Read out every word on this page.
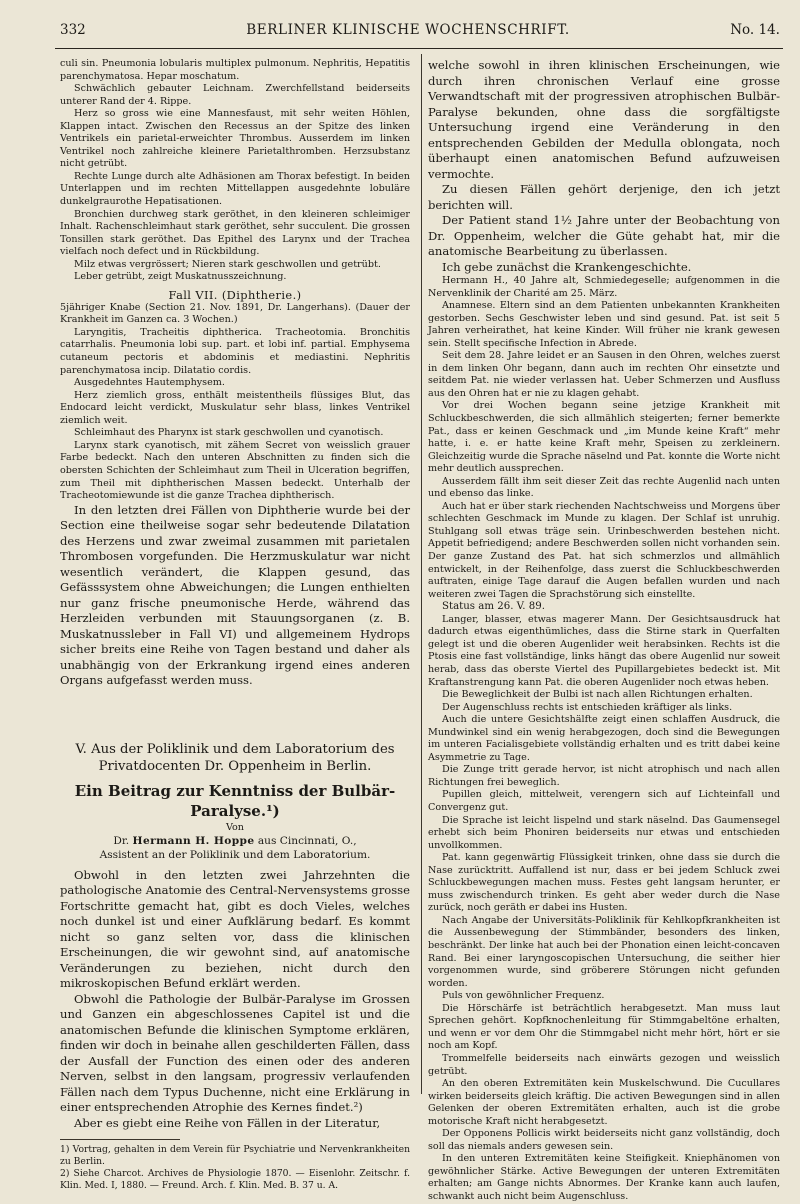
332	BERLINER KLINISCHE WOCHENSCHRIFT.	No. 14.

culi sin. Pneumonia lobularis multiplex pulmonum. Nephritis, Hepatitis parenchymatosa. Hepar moschatum.

Schwächlich gebauter Leichnam. Zwerchfellstand beiderseits unterer Rand der 4. Rippe.

Herz so gross wie eine Mannesfaust, mit sehr weiten Höhlen, Klappen intact. Zwischen den Recessus an der Spitze des linken Ventrikels ein parietal-erweichter Thrombus. Ausserdem im linken Ventrikel noch zahlreiche kleinere Parietalthromben. Herzsubstanz nicht getrübt.

Rechte Lunge durch alte Adhäsionen am Thorax befestigt. In beiden Unterlappen und im rechten Mittellappen ausgedehnte lobuläre dunkelgraurothe Hepatisationen.

Bronchien durchweg stark geröthet, in den kleineren schleimiger Inhalt. Rachenschleimhaut stark geröthet, sehr succulent. Die grossen Tonsillen stark geröthet. Das Epithel des Larynx und der Trachea vielfach noch defect und in Rückbildung.

Milz etwas vergrössert; Nieren stark geschwollen und getrübt.

Leber getrübt, zeigt Muskatnusszeichnung.

Fall VII. (Diphtherie.)

5jähriger Knabe (Section 21. Nov. 1891, Dr. Langerhans). (Dauer der Krankheit im Ganzen ca. 3 Wochen.)

Laryngitis, Tracheitis diphtherica. Tracheotomia. Bronchitis catarrhalis. Pneumonia lobi sup. part. et lobi inf. partial. Emphysema cutaneum pectoris et abdominis et mediastini. Nephritis parenchymatosa incip. Dilatatio cordis.

Ausgedehntes Hautemphysem.

Herz ziemlich gross, enthält meistentheils flüssiges Blut, das Endocard leicht verdickt, Muskulatur sehr blass, linkes Ventrikel ziemlich weit.

Schleimhaut des Pharynx ist stark geschwollen und cyanotisch.

Larynx stark cyanotisch, mit zähem Secret von weisslich grauer Farbe bedeckt. Nach den unteren Abschnitten zu finden sich die obersten Schichten der Schleimhaut zum Theil in Ulceration begriffen, zum Theil mit diphtherischen Massen bedeckt. Unterhalb der Tracheotomiewunde ist die ganze Trachea diphtherisch.

In den letzten drei Fällen von Diphtherie wurde bei der Section eine theilweise sogar sehr bedeutende Dilatation des Herzens und zwar zweimal zusammen mit parietalen Thrombosen vorgefunden. Die Herzmuskulatur war nicht wesentlich verändert, die Klappen gesund, das Gefässsystem ohne Abweichungen; die Lungen enthielten nur ganz frische pneumonische Herde, während das Herzleiden verbunden mit Stauungsorganen (z. B. Muskatnussleber in Fall VI) und allgemeinem Hydrops sicher breits eine Reihe von Tagen bestand und daher als unabhängig von der Erkrankung irgend eines anderen Organs aufgefasst werden muss.

V. Aus der Poliklinik und dem Laboratorium des Privatdocenten Dr. Oppenheim in Berlin.

Ein Beitrag zur Kenntniss der Bulbär-Paralyse.¹)

Von

Dr. Hermann H. Hoppe aus Cincinnati, O.,

Assistent an der Poliklinik und dem Laboratorium.

Obwohl in den letzten zwei Jahrzehnten die pathologische Anatomie des Central-Nervensystems grosse Fortschritte gemacht hat, gibt es doch Vieles, welches noch dunkel ist und einer Aufklärung bedarf. Es kommt nicht so ganz selten vor, dass die klinischen Erscheinungen, die wir gewohnt sind, auf anatomische Veränderungen zu beziehen, nicht durch den mikroskopischen Befund erklärt werden.

Obwohl die Pathologie der Bulbär-Paralyse im Grossen und Ganzen ein abgeschlossenes Capitel ist und die anatomischen Befunde die klinischen Symptome erklären, finden wir doch in beinahe allen geschilderten Fällen, dass der Ausfall der Function des einen oder des anderen Nerven, selbst in den langsam, progressiv verlaufenden Fällen nach dem Typus Duchenne, nicht eine Erklärung in einer entsprechenden Atrophie des Kernes findet.²)

Aber es giebt eine Reihe von Fällen in der Literatur,

1) Vortrag, gehalten in dem Verein für Psychiatrie und Nervenkrankheiten zu Berlin.

2) Siehe Charcot. Archives de Physiologie 1870. — Eisenlohr. Zeitschr. f. Klin. Med. I, 1880. — Freund. Arch. f. Klin. Med. B. 37 u. A.

welche sowohl in ihren klinischen Erscheinungen, wie durch ihren chronischen Verlauf eine grosse Verwandtschaft mit der progressiven atrophischen Bulbär-Paralyse bekunden, ohne dass die sorgfältigste Untersuchung irgend eine Veränderung in den entsprechenden Gebilden der Medulla oblongata, noch überhaupt einen anatomischen Befund aufzuweisen vermochte.

Zu diesen Fällen gehört derjenige, den ich jetzt berichten will.

Der Patient stand 1½ Jahre unter der Beobachtung von Dr. Oppenheim, welcher die Güte gehabt hat, mir die anatomische Bearbeitung zu überlassen.

Ich gebe zunächst die Krankengeschichte.

Hermann H., 40 Jahre alt, Schmiedegeselle; aufgenommen in die Nervenklinik der Charité am 25. März.

Anamnese. Eltern sind an dem Patienten unbekannten Krankheiten gestorben. Sechs Geschwister leben und sind gesund. Pat. ist seit 5 Jahren verheirathet, hat keine Kinder. Will früher nie krank gewesen sein. Stellt specifische Infection in Abrede.

Seit dem 28. Jahre leidet er an Sausen in den Ohren, welches zuerst in dem linken Ohr begann, dann auch im rechten Ohr einsetzte und seitdem Pat. nie wieder verlassen hat. Ueber Schmerzen und Ausfluss aus den Ohren hat er nie zu klagen gehabt.

Vor drei Wochen begann seine jetzige Krankheit mit Schluckbeschwerden, die sich allmählich steigerten; ferner bemerkte Pat., dass er keinen Geschmack und „im Munde keine Kraft“ mehr hatte, i. e. er hatte keine Kraft mehr, Speisen zu zerkleinern. Gleichzeitig wurde die Sprache näselnd und Pat. konnte die Worte nicht mehr deutlich aussprechen.

Ausserdem fällt ihm seit dieser Zeit das rechte Augenlid nach unten und ebenso das linke.

Auch hat er über stark riechenden Nachtschweiss und Morgens über schlechten Geschmack im Munde zu klagen. Der Schlaf ist unruhig. Stuhlgang soll etwas träge sein. Urinbeschwerden bestehen nicht. Appetit befriedigend; andere Beschwerden sollen nicht vorhanden sein. Der ganze Zustand des Pat. hat sich schmerzlos und allmählich entwickelt, in der Reihenfolge, dass zuerst die Schluckbeschwerden auftraten, einige Tage darauf die Augen befallen wurden und nach weiteren zwei Tagen die Sprachstörung sich einstellte.

Status am 26. V. 89.

Langer, blasser, etwas magerer Mann. Der Gesichtsausdruck hat dadurch etwas eigenthümliches, dass die Stirne stark in Querfalten gelegt ist und die oberen Augenlider weit herabsinken. Rechts ist die Ptosis eine fast vollständige, links hängt das obere Augenlid nur soweit herab, dass das oberste Viertel des Pupillargebietes bedeckt ist. Mit Kraftanstrengung kann Pat. die oberen Augenlider noch etwas heben.

Die Beweglichkeit der Bulbi ist nach allen Richtungen erhalten.

Der Augenschluss rechts ist entschieden kräftiger als links.

Auch die untere Gesichtshälfte zeigt einen schlaffen Ausdruck, die Mundwinkel sind ein wenig herabgezogen, doch sind die Bewegungen im unteren Facialisgebiete vollständig erhalten und es tritt dabei keine Asymmetrie zu Tage.

Die Zunge tritt gerade hervor, ist nicht atrophisch und nach allen Richtungen frei beweglich.

Pupillen gleich, mittelweit, verengern sich auf Lichteinfall und Convergenz gut.

Die Sprache ist leicht lispelnd und stark näselnd. Das Gaumensegel erhebt sich beim Phoniren beiderseits nur etwas und entschieden unvollkommen.

Pat. kann gegenwärtig Flüssigkeit trinken, ohne dass sie durch die Nase zurücktritt. Auffallend ist nur, dass er bei jedem Schluck zwei Schluckbewegungen machen muss. Festes geht langsam herunter, er muss zwischendurch trinken. Es geht aber weder durch die Nase zurück, noch geräth er dabei ins Husten.

Nach Angabe der Universitäts-Poliklinik für Kehlkopfkrankheiten ist die Aussenbewegung der Stimmbänder, besonders des linken, beschränkt. Der linke hat auch bei der Phonation einen leicht-concaven Rand. Bei einer laryngoscopischen Untersuchung, die seither hier vorgenommen wurde, sind gröberere Störungen nicht gefunden worden.

Puls von gewöhnlicher Frequenz.

Die Hörschärfe ist beträchtlich herabgesetzt. Man muss laut Sprechen gehört. Kopfknochenleitung für Stimmgabeltöne erhalten, und wenn er vor dem Ohr die Stimmgabel nicht mehr hört, hört er sie noch am Kopf.

Trommelfelle beiderseits nach einwärts gezogen und weisslich getrübt.

An den oberen Extremitäten kein Muskelschwund. Die Cucullares wirken beiderseits gleich kräftig. Die activen Bewegungen sind in allen Gelenken der oberen Extremitäten erhalten, auch ist die grobe motorische Kraft nicht herabgesetzt.

Der Opponens Pollicis wirkt beiderseits nicht ganz vollständig, doch soll das niemals anders gewesen sein.

In den unteren Extremitäten keine Steifigkeit. Kniephänomen von gewöhnlicher Stärke. Active Bewegungen der unteren Extremitäten erhalten; am Gange nichts Abnormes. Der Kranke kann auch laufen, schwankt auch nicht beim Augenschluss.
